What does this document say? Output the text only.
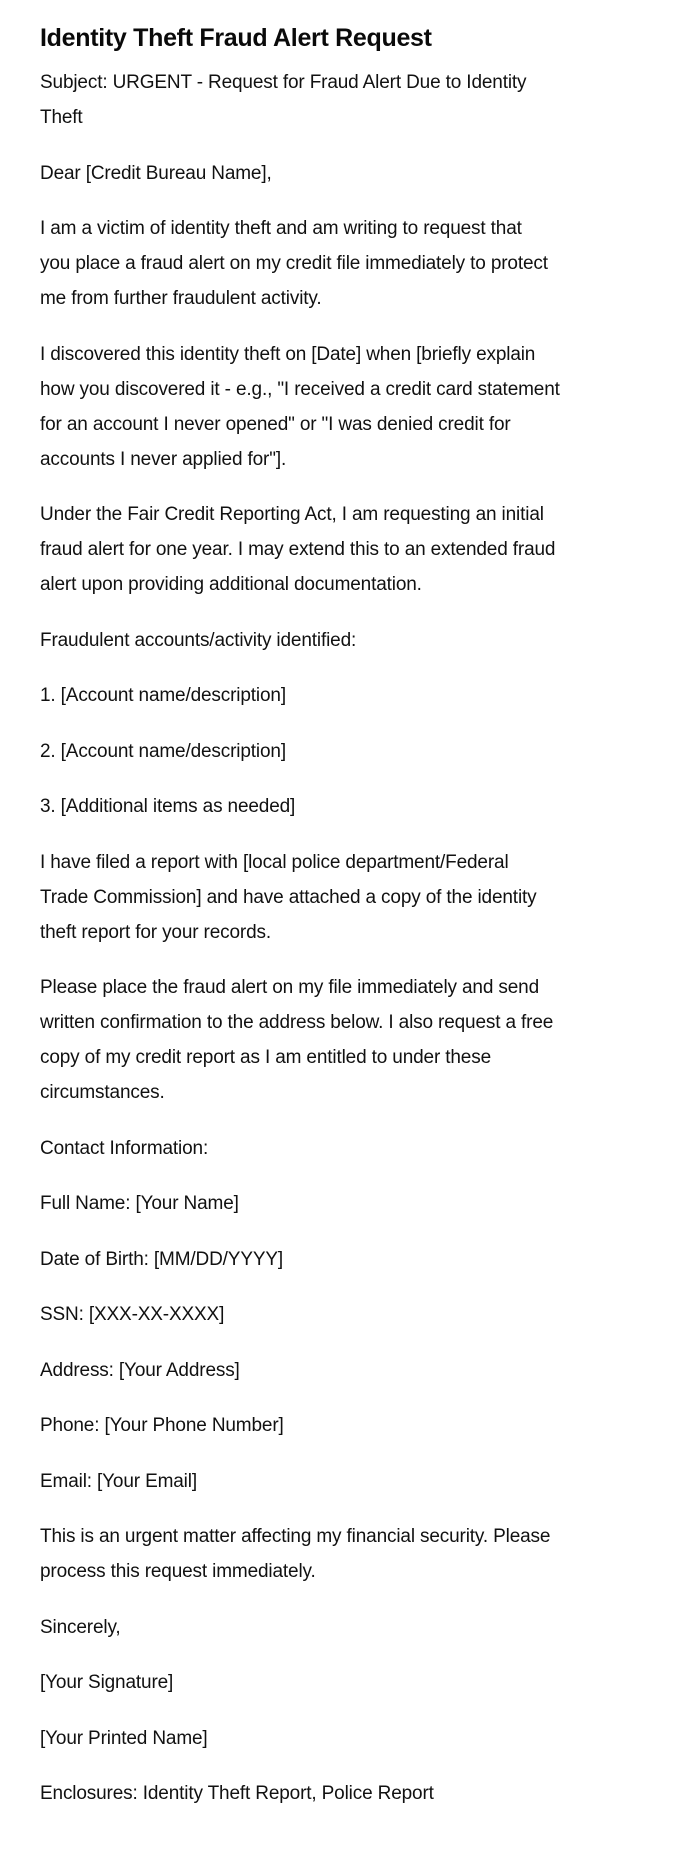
Identity Theft Fraud Alert Request

Subject: URGENT - Request for Fraud Alert Due to Identity
Theft

Dear [Credit Bureau Name],

I am a victim of identity theft and am writing to request that
you place a fraud alert on my credit file immediately to protect
me from further fraudulent activity.

I discovered this identity theft on [Date] when [briefly explain
how you discovered it - e.g., "I received a credit card statement
for an account I never opened" or "I was denied credit for
accounts I never applied for"].

Under the Fair Credit Reporting Act, I am requesting an initial
fraud alert for one year. I may extend this to an extended fraud
alert upon providing additional documentation.

Fraudulent accounts/activity identified:

1. [Account name/description]

2. [Account name/description]

3. [Additional items as needed]

I have filed a report with [local police department/Federal
Trade Commission] and have attached a copy of the identity
theft report for your records.

Please place the fraud alert on my file immediately and send
written confirmation to the address below. I also request a free
copy of my credit report as I am entitled to under these
circumstances.

Contact Information:

Full Name: [Your Name]

Date of Birth: [MM/DD/YYYY]

SSN: [XXX-XX-XXXX]

Address: [Your Address]

Phone: [Your Phone Number]

Email: [Your Email]

This is an urgent matter affecting my financial security. Please
process this request immediately.

Sincerely,

[Your Signature]

[Your Printed Name]

Enclosures: Identity Theft Report, Police Report
